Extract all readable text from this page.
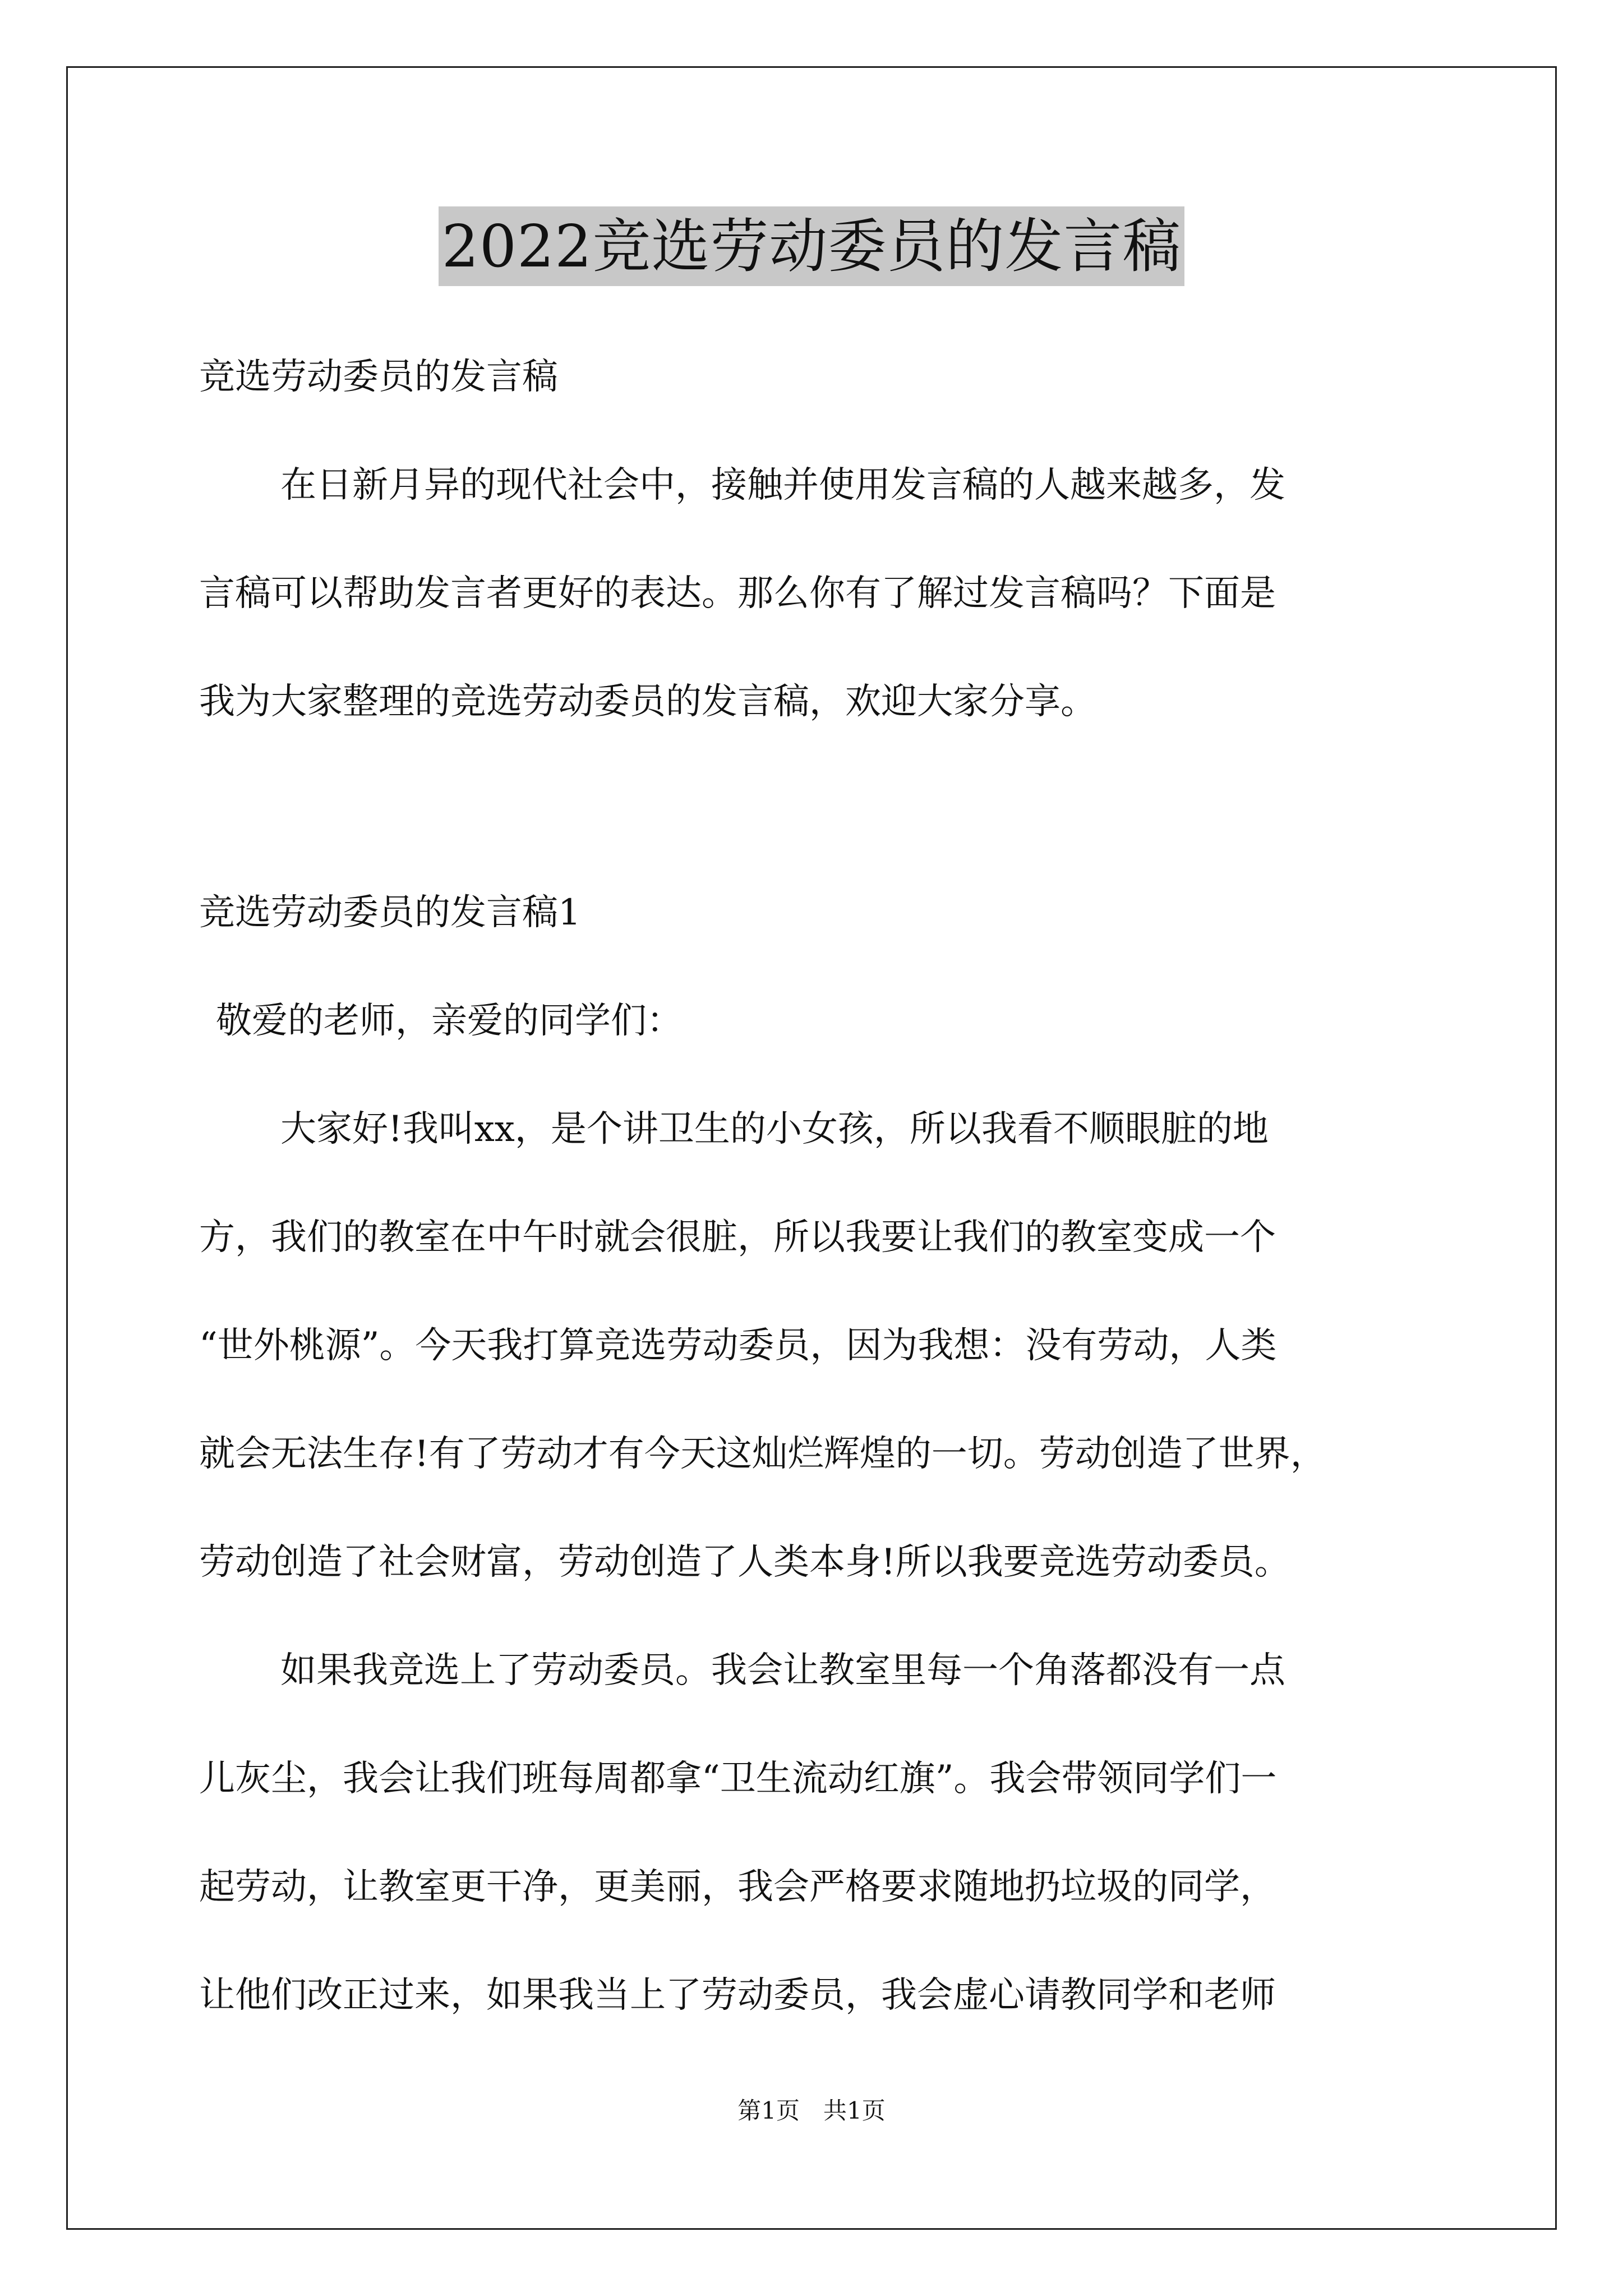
2022竞选劳动委员的发言稿
竞选劳动委员的发言稿
在日新月异的现代社会中，接触并使用发言稿的人越来越多，发
言稿可以帮助发言者更好的表达。那么你有了解过发言稿吗？下面是
我为大家整理的竞选劳动委员的发言稿，欢迎大家分享。
竞选劳动委员的发言稿1
敬爱的老师，亲爱的同学们：
大家好!我叫xx，是个讲卫生的小女孩，所以我看不顺眼脏的地
方，我们的教室在中午时就会很脏，所以我要让我们的教室变成一个
“世外桃源”。今天我打算竞选劳动委员，因为我想：没有劳动，人类
就会无法生存!有了劳动才有今天这灿烂辉煌的一切。劳动创造了世界，
劳动创造了社会财富，劳动创造了人类本身!所以我要竞选劳动委员。
如果我竞选上了劳动委员。我会让教室里每一个角落都没有一点
儿灰尘，我会让我们班每周都拿“卫生流动红旗”。我会带领同学们一
起劳动，让教室更干净，更美丽，我会严格要求随地扔垃圾的同学，
让他们改正过来，如果我当上了劳动委员，我会虚心请教同学和老师
第1页　共1页
